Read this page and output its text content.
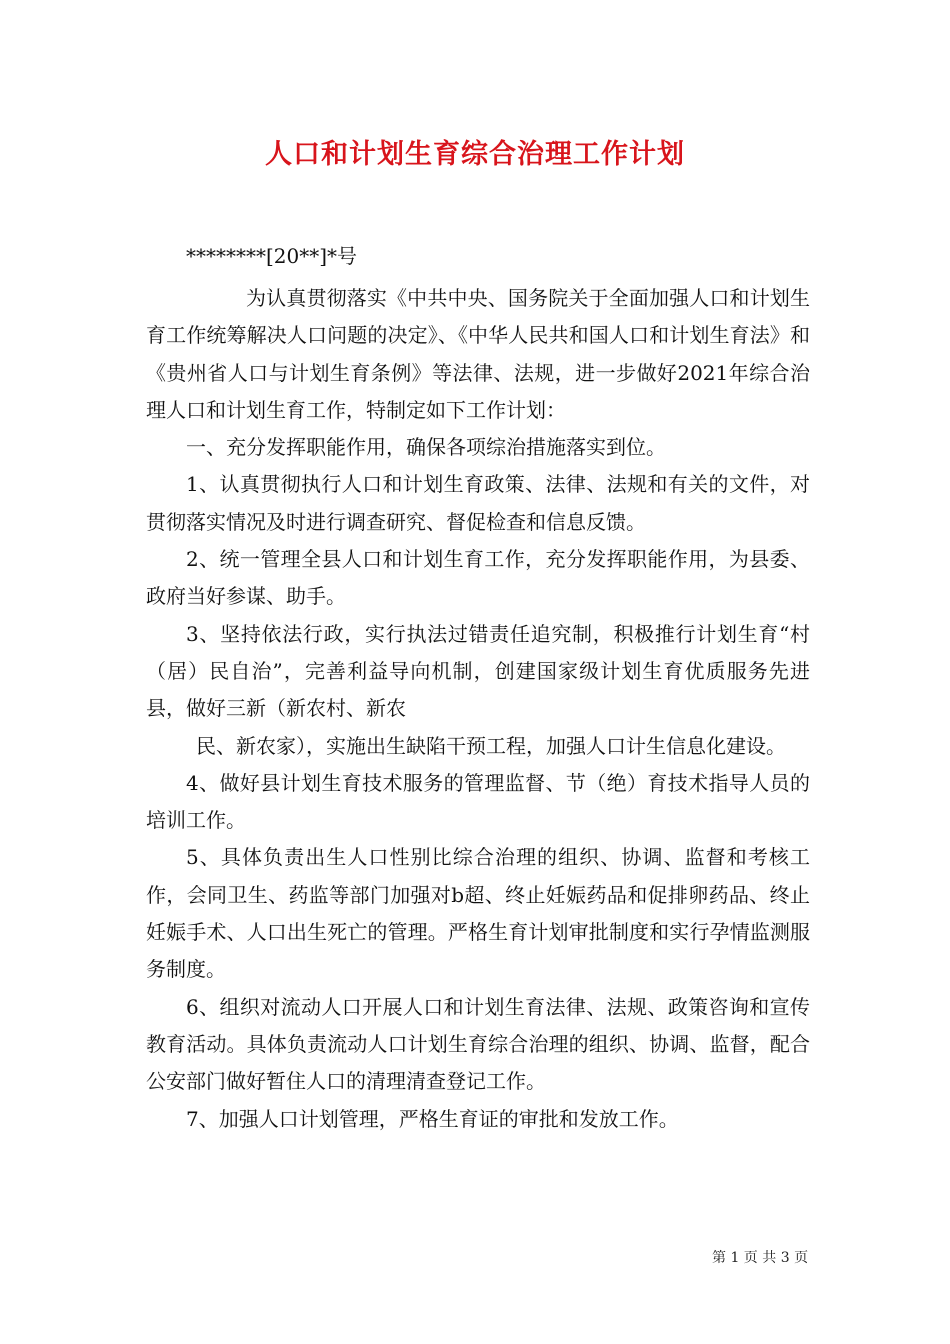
人口和计划生育综合治理工作计划

********[20**]*号

为认真贯彻落实《中共中央、国务院关于全面加强人口和计划生育工作统筹解决人口问题的决定》、《中华人民共和国人口和计划生育法》和《贵州省人口与计划生育条例》等法律、法规，进一步做好2021年综合治理人口和计划生育工作，特制定如下工作计划：

一、充分发挥职能作用，确保各项综治措施落实到位。

1、认真贯彻执行人口和计划生育政策、法律、法规和有关的文件，对贯彻落实情况及时进行调查研究、督促检查和信息反馈。

2、统一管理全县人口和计划生育工作，充分发挥职能作用，为县委、政府当好参谋、助手。

3、坚持依法行政，实行执法过错责任追究制，积极推行计划生育“村（居）民自治”，完善利益导向机制，创建国家级计划生育优质服务先进县，做好三新（新农村、新农

民、新农家），实施出生缺陷干预工程，加强人口计生信息化建设。

4、做好县计划生育技术服务的管理监督、节（绝）育技术指导人员的培训工作。

5、具体负责出生人口性别比综合治理的组织、协调、监督和考核工作，会同卫生、药监等部门加强对b超、终止妊娠药品和促排卵药品、终止妊娠手术、人口出生死亡的管理。严格生育计划审批制度和实行孕情监测服务制度。

6、组织对流动人口开展人口和计划生育法律、法规、政策咨询和宣传教育活动。具体负责流动人口计划生育综合治理的组织、协调、监督，配合公安部门做好暂住人口的清理清查登记工作。

7、加强人口计划管理，严格生育证的审批和发放工作。

第 1 页 共 3 页
